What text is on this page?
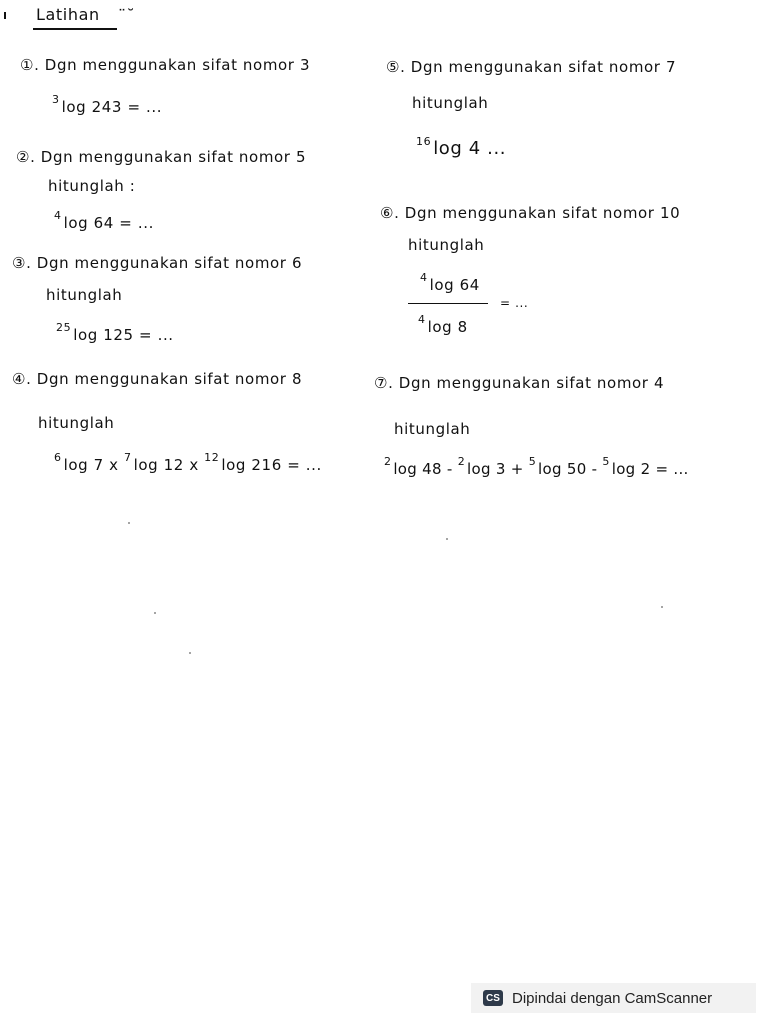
Latihan ¨˘
①. Dgn menggunakan sifat nomor 3
$^3$ log 243 = ...
②. Dgn menggunakan sifat nomor 5
hitunglah :
$^4$ log 64 = ...
③. Dgn menggunakan sifat nomor 6
hitunglah
$^{25}$ log 125 = ...
④. Dgn menggunakan sifat nomor 8
hitunglah
$^6$ log 7 x $^7$ log 12 x $^{12}$ log 216 = ...
⑤. Dgn menggunakan sifat nomor 7
hitunglah
$^{16}$ log 4 ...
⑥. Dgn menggunakan sifat nomor 10
hitunglah
$^4$ log 64
= ...
$^4$ log 8
⑦. Dgn menggunakan sifat nomor 4
hitunglah
$^2$ log 48 - $^2$ log 3 + $^5$ log 50 - $^5$ log 2 = ...
CS Dipindai dengan CamScanner
